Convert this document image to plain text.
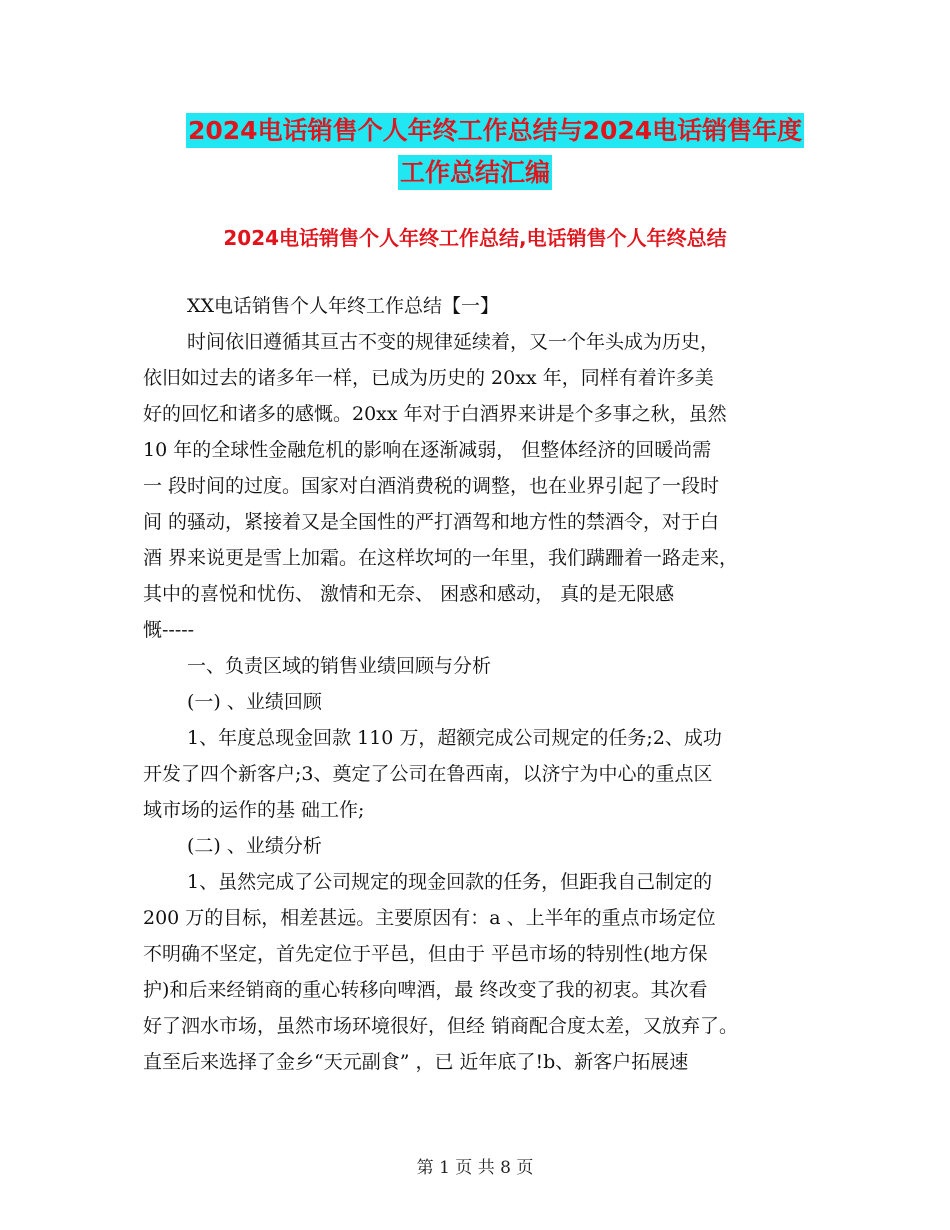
2024电话销售个人年终工作总结与2024电话销售年度
工作总结汇编
2024电话销售个人年终工作总结,电话销售个人年终总结
XX电话销售个人年终工作总结【一】
时间依旧遵循其亘古不变的规律延续着，又一个年头成为历史，
依旧如过去的诸多年一样，已成为历史的 20xx 年，同样有着许多美
好的回忆和诸多的感慨。20xx 年对于白酒界来讲是个多事之秋，虽然
10 年的全球性金融危机的影响在逐渐减弱， 但整体经济的回暖尚需
一 段时间的过度。国家对白酒消费税的调整，也在业界引起了一段时
间 的骚动，紧接着又是全国性的严打酒驾和地方性的禁酒令，对于白
酒 界来说更是雪上加霜。在这样坎坷的一年里，我们蹒跚着一路走来，
其中的喜悦和忧伤、 激情和无奈、 困惑和感动， 真的是无限感
慨-----
一、负责区域的销售业绩回顾与分析
(一) 、业绩回顾
1、年度总现金回款 110 万，超额完成公司规定的任务;2、成功
开发了四个新客户;3、奠定了公司在鲁西南，以济宁为中心的重点区
域市场的运作的基 础工作;
(二) 、业绩分析
1、虽然完成了公司规定的现金回款的任务，但距我自己制定的
200 万的目标，相差甚远。主要原因有：a 、上半年的重点市场定位
不明确不坚定，首先定位于平邑，但由于 平邑市场的特别性(地方保
护)和后来经销商的重心转移向啤酒，最 终改变了我的初衷。其次看
好了泗水市场，虽然市场环境很好，但经 销商配合度太差，又放弃了。
直至后来选择了金乡“天元副食” ，已 近年底了!b、新客户拓展速
第 1 页 共 8 页
